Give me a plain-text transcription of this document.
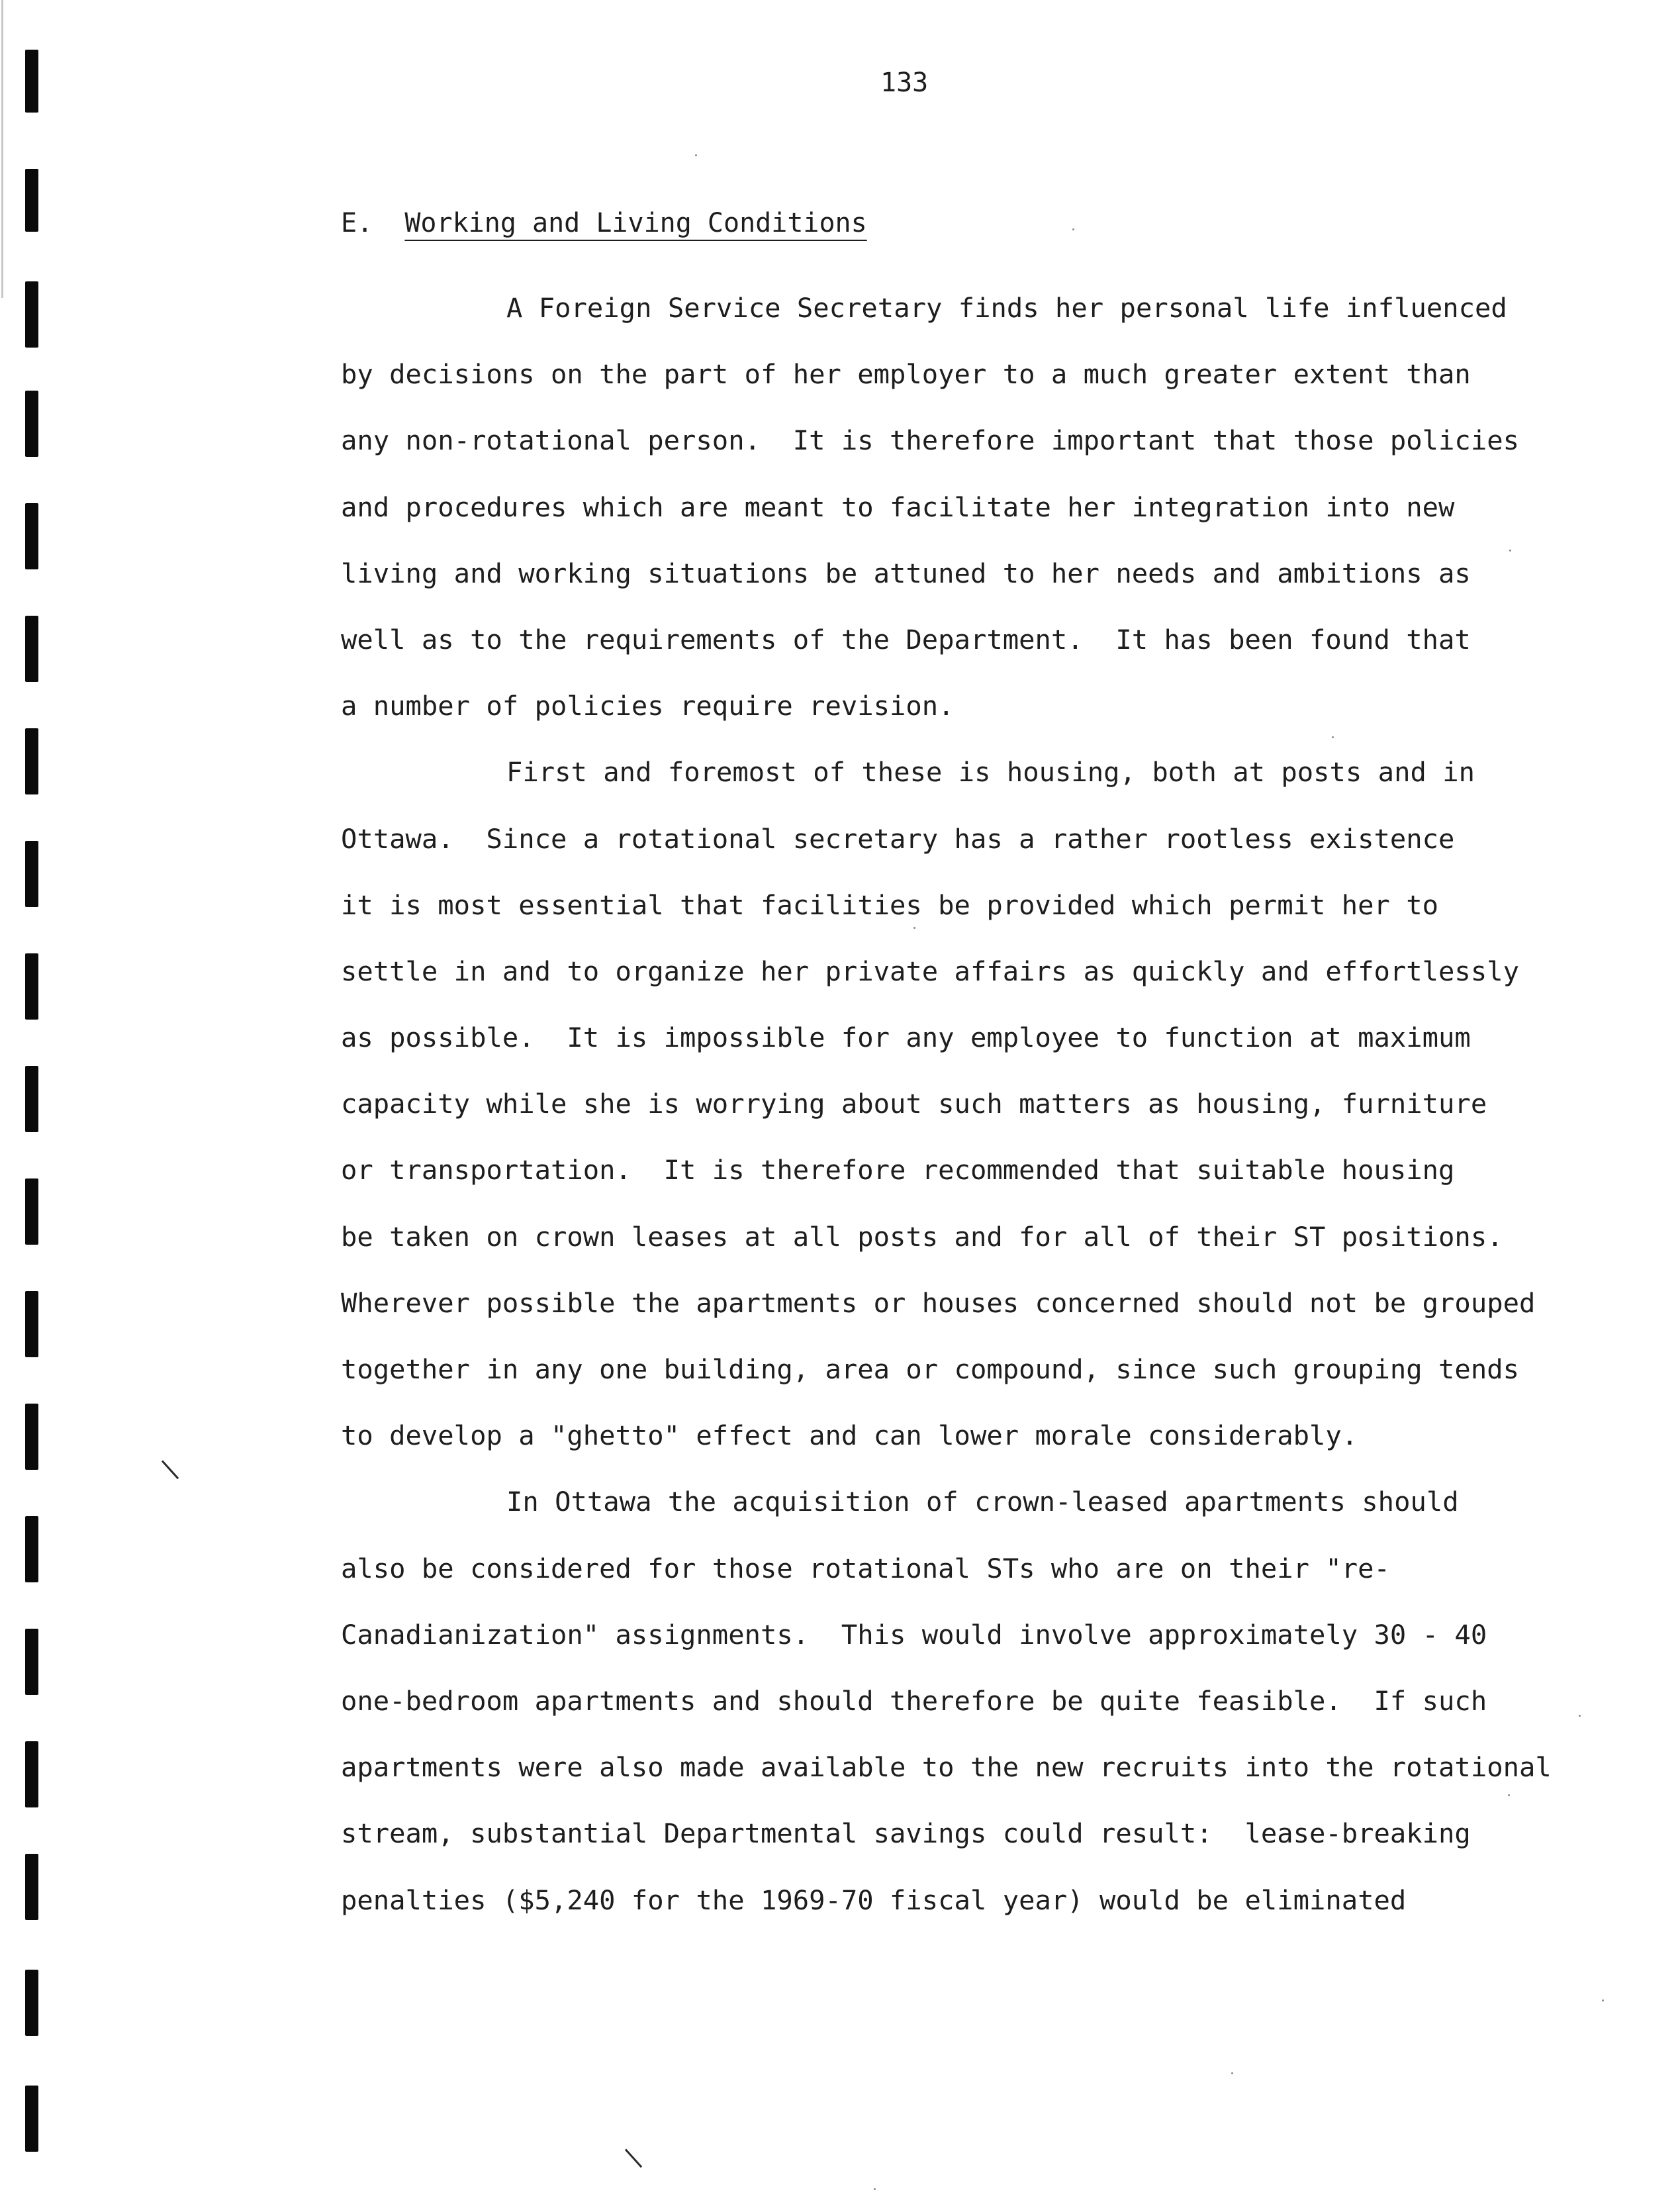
133
E. Working and Living Conditions
A Foreign Service Secretary finds her personal life influenced
by decisions on the part of her employer to a much greater extent than
any non-rotational person.  It is therefore important that those policies
and procedures which are meant to facilitate her integration into new
living and working situations be attuned to her needs and ambitions as
well as to the requirements of the Department.  It has been found that
a number of policies require revision.
First and foremost of these is housing, both at posts and in
Ottawa.  Since a rotational secretary has a rather rootless existence
it is most essential that facilities be provided which permit her to
settle in and to organize her private affairs as quickly and effortlessly
as possible.  It is impossible for any employee to function at maximum
capacity while she is worrying about such matters as housing, furniture
or transportation.  It is therefore recommended that suitable housing
be taken on crown leases at all posts and for all of their ST positions.
Wherever possible the apartments or houses concerned should not be grouped
together in any one building, area or compound, since such grouping tends
to develop a "ghetto" effect and can lower morale considerably.
In Ottawa the acquisition of crown-leased apartments should
also be considered for those rotational STs who are on their "re-
Canadianization" assignments.  This would involve approximately 30 - 40
one-bedroom apartments and should therefore be quite feasible.  If such
apartments were also made available to the new recruits into the rotational
stream, substantial Departmental savings could result:  lease-breaking
penalties ($5,240 for the 1969-70 fiscal year) would be eliminated
